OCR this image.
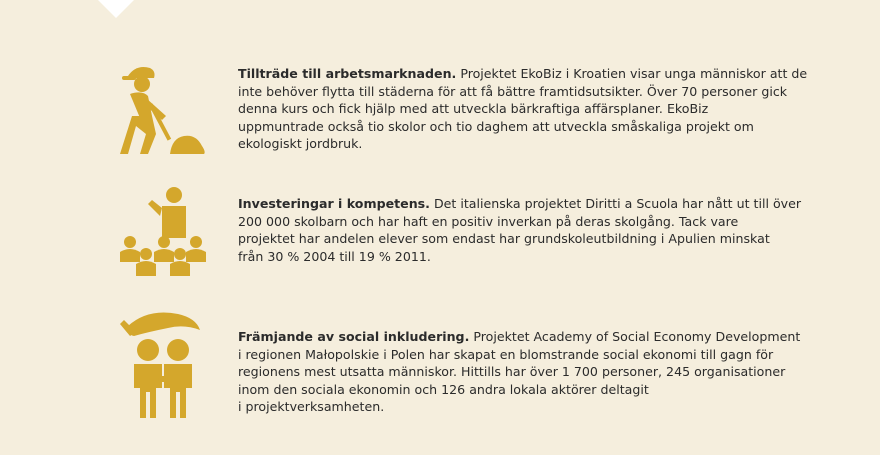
Tillträde till arbetsmarknaden. Projektet EkoBiz i Kroatien visar unga människor att de
inte behöver flytta till städerna för att få bättre framtidsutsikter. Över 70 personer gick
denna kurs och fick hjälp med att utveckla bärkraftiga affärsplaner. EkoBiz
uppmuntrade också tio skolor och tio daghem att utveckla småskaliga projekt om
ekologiskt jordbruk.
Investeringar i kompetens. Det italienska projektet Diritti a Scuola har nått ut till över
200 000 skolbarn och har haft en positiv inverkan på deras skolgång. Tack vare
projektet har andelen elever som endast har grundskoleutbildning i Apulien minskat
från 30 % 2004 till 19 % 2011.
Främjande av social inkludering. Projektet Academy of Social Economy Development
i regionen Małopolskie i Polen har skapat en blomstrande social ekonomi till gagn för
regionens mest utsatta människor. Hittills har över 1 700 personer, 245 organisationer
inom den sociala ekonomin och 126 andra lokala aktörer deltagit
i projektverksamheten.
